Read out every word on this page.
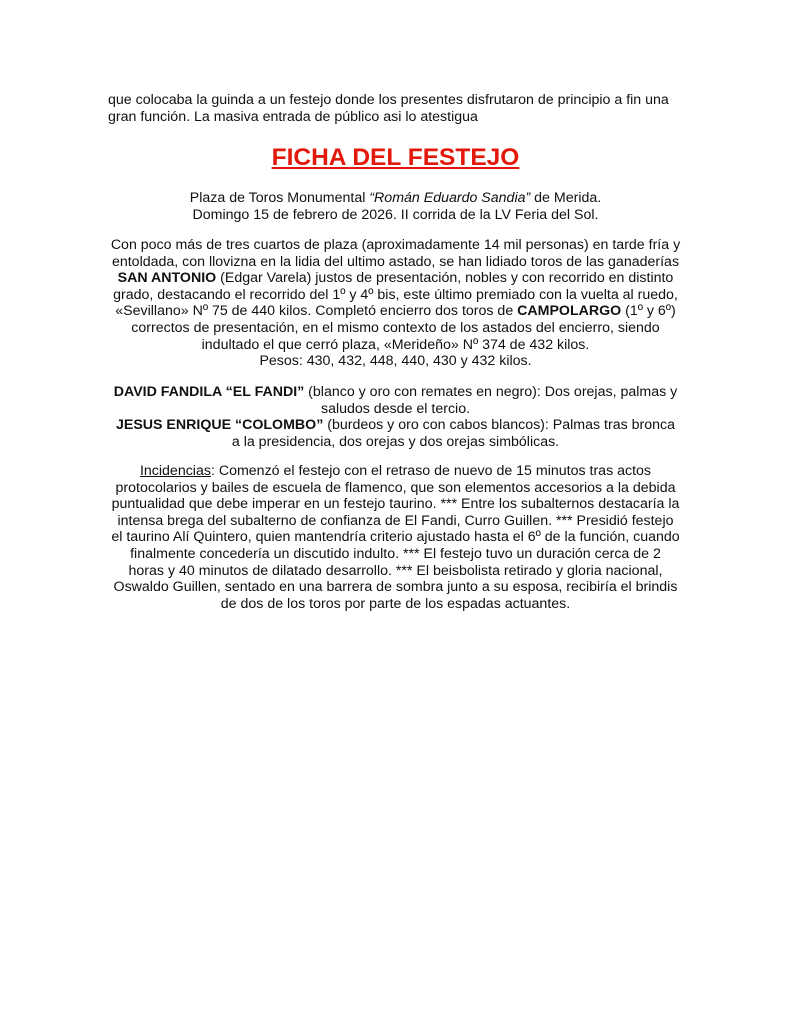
que colocaba la guinda a un festejo donde los presentes disfrutaron de principio a fin una
gran función. La masiva entrada de público asi lo atestigua
FICHA DEL FESTEJO
Plaza de Toros Monumental “Román Eduardo Sandia” de Merida.
Domingo 15 de febrero de 2026. II corrida de la LV Feria del Sol.
Con poco más de tres cuartos de plaza (aproximadamente 14 mil personas) en tarde fría y
entoldada, con llovizna en la lidia del ultimo astado, se han lidiado toros de las ganaderías
SAN ANTONIO (Edgar Varela) justos de presentación, nobles y con recorrido en distinto
grado, destacando el recorrido del 1º y 4º bis, este último premiado con la vuelta al ruedo,
«Sevillano» Nº 75 de 440 kilos. Completó encierro dos toros de CAMPOLARGO (1º y 6º)
correctos de presentación, en el mismo contexto de los astados del encierro, siendo
indultado el que cerró plaza, «Merideño» Nº 374 de 432 kilos.
Pesos: 430, 432, 448, 440, 430 y 432 kilos.
DAVID FANDILA “EL FANDI” (blanco y oro con remates en negro): Dos orejas, palmas y
saludos desde el tercio.
JESUS ENRIQUE “COLOMBO” (burdeos y oro con cabos blancos): Palmas tras bronca
a la presidencia, dos orejas y dos orejas simbólicas.
Incidencias: Comenzó el festejo con el retraso de nuevo de 15 minutos tras actos
protocolarios y bailes de escuela de flamenco, que son elementos accesorios a la debida
puntualidad que debe imperar en un festejo taurino. *** Entre los subalternos destacaría la
intensa brega del subalterno de confianza de El Fandi, Curro Guillen. *** Presidió festejo
el taurino Alí Quintero, quien mantendría criterio ajustado hasta el 6º de la función, cuando
finalmente concedería un discutido indulto. *** El festejo tuvo un duración cerca de 2
horas y 40 minutos de dilatado desarrollo. *** El beisbolista retirado y gloria nacional,
Oswaldo Guillen, sentado en una barrera de sombra junto a su esposa, recibiría el brindis
de dos de los toros por parte de los espadas actuantes.
